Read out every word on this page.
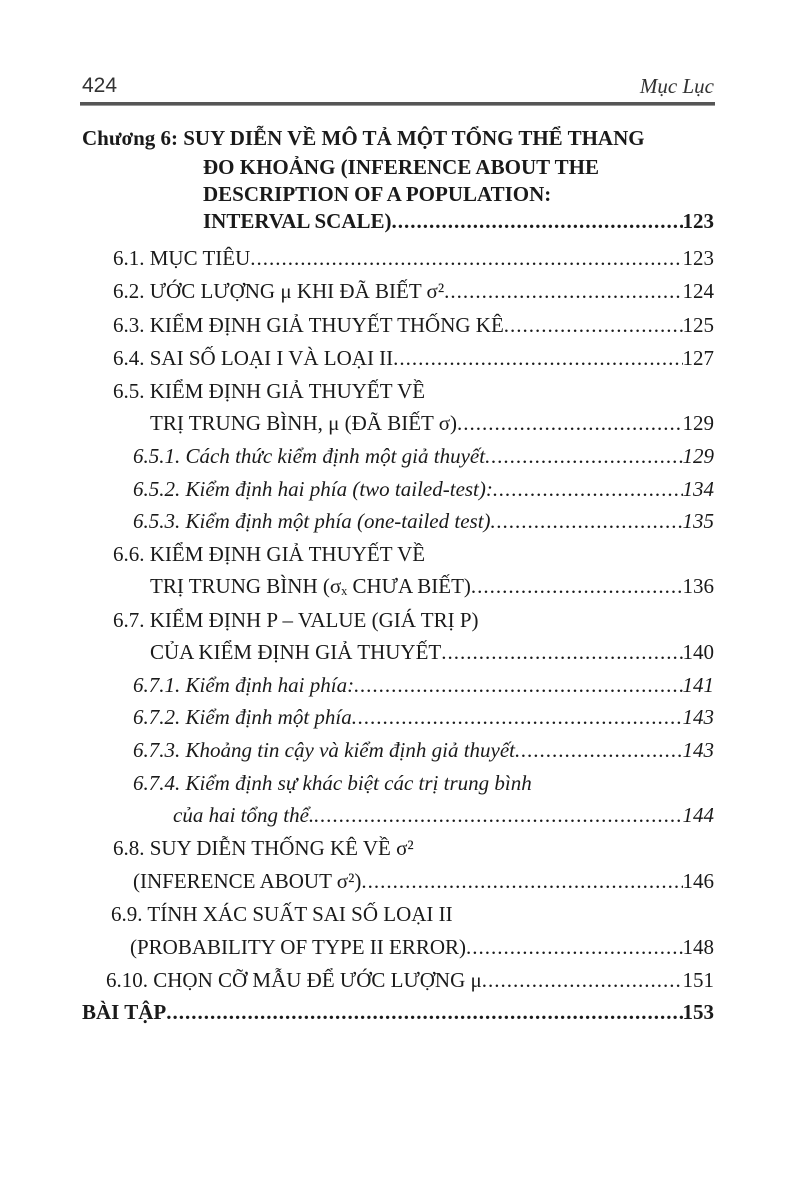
424	Mục Lục
Chương 6: SUY DIỄN VỀ MÔ TẢ MỘT TỔNG THỂ THANG
ĐO KHOẢNG (INFERENCE ABOUT THE
DESCRIPTION OF A POPULATION:
INTERVAL SCALE) .....	123
6.1. MỤC TIÊU .....	123
6.2. ƯỚC LƯỢNG μ KHI ĐÃ BIẾT σ² .....	124
6.3. KIỂM ĐỊNH GIẢ THUYẾT THỐNG KÊ .....	125
6.4. SAI SỐ LOẠI I VÀ LOẠI II .....	127
6.5. KIỂM ĐỊNH GIẢ THUYẾT VỀ
TRỊ TRUNG BÌNH, μ (ĐÃ BIẾT σ) .....	129
6.5.1. Cách thức kiểm định một giả thuyết .....	129
6.5.2. Kiểm định hai phía (two tailed-test): .....	134
6.5.3. Kiểm định một phía (one-tailed test) .....	135
6.6. KIỂM ĐỊNH GIẢ THUYẾT VỀ
TRỊ TRUNG BÌNH (σₓ CHƯA BIẾT) .....	136
6.7. KIỂM ĐỊNH P – VALUE (GIÁ TRỊ P)
CỦA KIỂM ĐỊNH GIẢ THUYẾT .....	140
6.7.1. Kiểm định hai phía: .....	141
6.7.2. Kiểm định một phía .....	143
6.7.3. Khoảng tin cậy và kiểm định giả thuyết .....	143
6.7.4. Kiểm định sự khác biệt các trị trung bình
của hai tổng thể. .....	144
6.8. SUY DIỄN THỐNG KÊ VỀ σ²
(INFERENCE ABOUT σ²) .....	146
6.9. TÍNH XÁC SUẤT SAI SỐ LOẠI II
(PROBABILITY OF TYPE II ERROR) .....	148
6.10. CHỌN CỠ MẪU ĐỂ ƯỚC LƯỢNG μ .....	151
BÀI TẬP .....	153
